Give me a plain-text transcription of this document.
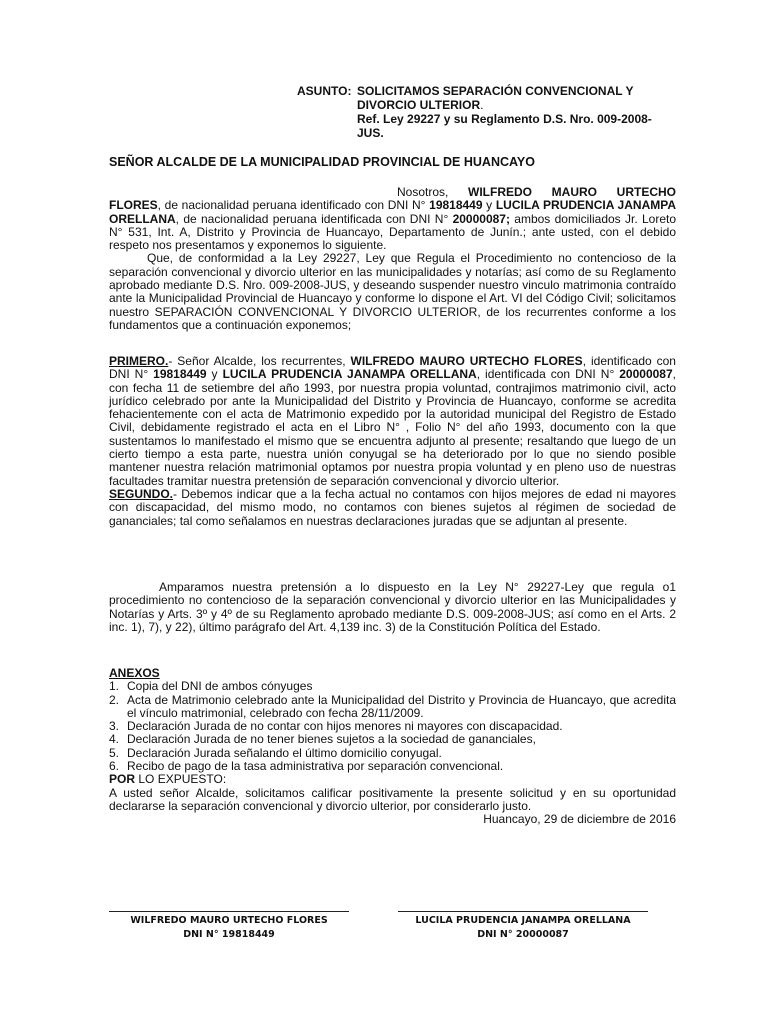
ASUNTO: SOLICITAMOS SEPARACIÓN CONVENCIONAL Y
DIVORCIO ULTERIOR.
Ref. Ley 29227 y su Reglamento D.S. Nro. 009-2008-
JUS.
SEÑOR ALCALDE DE LA MUNICIPALIDAD PROVINCIAL DE HUANCAYO

Nosotros, WILFREDO MAURO URTECHO FLORES, de nacionalidad peruana identificado con DNI N° 19818449 y LUCILA PRUDENCIA JANAMPA ORELLANA, de nacionalidad peruana identificada con DNI N° 20000087; ambos domiciliados Jr. Loreto N° 531, Int. A, Distrito y Provincia de Huancayo, Departamento de Junín.; ante usted, con el debido respeto nos presentamos y exponemos lo siguiente.

Que, de conformidad a la Ley 29227, Ley que Regula el Procedimiento no contencioso de la separación convencional y divorcio ulterior en las municipalidades y notarías; así como de su Reglamento aprobado mediante D.S. Nro. 009-2008-JUS, y deseando suspender nuestro vinculo matrimonia contraído ante la Municipalidad Provincial de Huancayo y conforme lo dispone el Art. VI del Código Civil; solicitamos nuestro SEPARACIÓN CONVENCIONAL Y DIVORCIO ULTERIOR, de los recurrentes conforme a los fundamentos que a continuación exponemos;

PRIMERO.- Señor Alcalde, los recurrentes, WILFREDO MAURO URTECHO FLORES, identificado con DNI N° 19818449 y LUCILA PRUDENCIA JANAMPA ORELLANA, identificada con DNI N° 20000087, con fecha 11 de setiembre del año 1993, por nuestra propia voluntad, contrajimos matrimonio civil, acto jurídico celebrado por ante la Municipalidad del Distrito y Provincia de Huancayo, conforme se acredita fehacientemente con el acta de Matrimonio expedido por la autoridad municipal del Registro de Estado Civil, debidamente registrado el acta en el Libro N° , Folio N° del año 1993, documento con la que sustentamos lo manifestado el mismo que se encuentra adjunto al presente; resaltando que luego de un cierto tiempo a esta parte, nuestra unión conyugal se ha deteriorado por lo que no siendo posible mantener nuestra relación matrimonial optamos por nuestra propia voluntad y en pleno uso de nuestras facultades tramitar nuestra pretensión de separación convencional y divorcio ulterior.

SEGUNDO.- Debemos indicar que a la fecha actual no contamos con hijos mejores de edad ni mayores con discapacidad, del mismo modo, no contamos con bienes sujetos al régimen de sociedad de gananciales; tal como señalamos en nuestras declaraciones juradas que se adjuntan al presente.

Amparamos nuestra pretensión a lo dispuesto en la Ley N° 29227-Ley que regula o1 procedimiento no contencioso de la separación convencional y divorcio ulterior en las Municipalidades y Notarías y Arts. 3º y 4º de su Reglamento aprobado mediante D.S. 009-2008-JUS; así como en el Arts. 2 inc. 1), 7), y 22), último parágrafo del Art. 4,139 inc. 3) de la Constitución Política del Estado.

ANEXOS

1. Copia del DNI de ambos cónyuges
2. Acta de Matrimonio celebrado ante la Municipalidad del Distrito y Provincia de Huancayo, que acredita el vínculo matrimonial, celebrado con fecha 28/11/2009.
3. Declaración Jurada de no contar con hijos menores ni mayores con discapacidad.
4. Declaración Jurada de no tener bienes sujetos a la sociedad de gananciales,
5. Declaración Jurada señalando el último domicilio conyugal.
6. Recibo de pago de la tasa administrativa por separación convencional.

POR LO EXPUESTO:

A usted señor Alcalde, solicitamos calificar positivamente la presente solicitud y en su oportunidad declararse la separación convencional y divorcio ulterior, por considerarlo justo.

Huancayo, 29 de diciembre de 2016

WILFREDO MAURO URTECHO FLORES
DNI N° 19818449
LUCILA PRUDENCIA JANAMPA ORELLANA
DNI N° 20000087
